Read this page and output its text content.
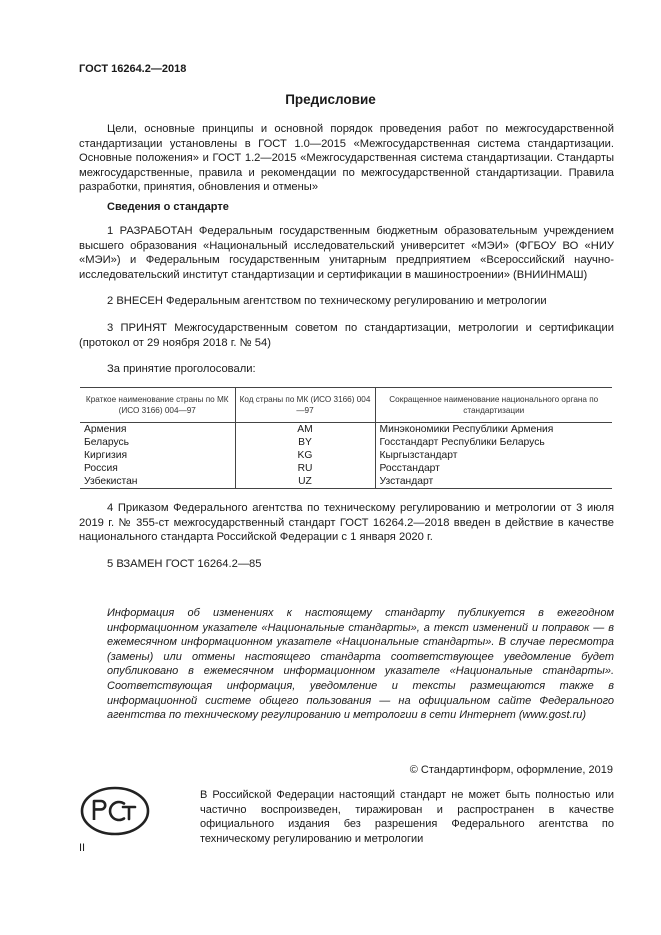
ГОСТ 16264.2—2018
Предисловие
Цели, основные принципы и основной порядок проведения работ по межгосударственной стандартизации установлены в ГОСТ 1.0—2015 «Межгосударственная система стандартизации. Основные положения» и ГОСТ 1.2—2015 «Межгосударственная система стандартизации. Стандарты межгосударственные, правила и рекомендации по межгосударственной стандартизации. Правила разработки, принятия, обновления и отмены»
Сведения о стандарте
1 РАЗРАБОТАН Федеральным государственным бюджетным образовательным учреждением высшего образования «Национальный исследовательский университет «МЭИ» (ФГБОУ ВО «НИУ «МЭИ») и Федеральным государственным унитарным предприятием «Всероссийский научно-исследовательский институт стандартизации и сертификации в машиностроении» (ВНИИНМАШ)
2 ВНЕСЕН Федеральным агентством по техническому регулированию и метрологии
3 ПРИНЯТ Межгосударственным советом по стандартизации, метрологии и сертификации (протокол от 29 ноября 2018 г. № 54)
За принятие проголосовали:
Краткое наименование страны по МК (ИСО 3166) 004—97	Код страны по МК (ИСО 3166) 004—97	Сокращенное наименование национального органа по стандартизации
Армения	AM	Минэкономики Республики Армения
Беларусь	BY	Госстандарт Республики Беларусь
Киргизия	KG	Кыргызстандарт
Россия	RU	Росстандарт
Узбекистан	UZ	Узстандарт
4 Приказом Федерального агентства по техническому регулированию и метрологии от 3 июля 2019 г. № 355-ст межгосударственный стандарт ГОСТ 16264.2—2018 введен в действие в качестве национального стандарта Российской Федерации с 1 января 2020 г.
5 ВЗАМЕН ГОСТ 16264.2—85
Информация об изменениях к настоящему стандарту публикуется в ежегодном информационном указателе «Национальные стандарты», а текст изменений и поправок — в ежемесячном информационном указателе «Национальные стандарты». В случае пересмотра (замены) или отмены настоящего стандарта соответствующее уведомление будет опубликовано в ежемесячном информационном указателе «Национальные стандарты». Соответствующая информация, уведомление и тексты размещаются также в информационной системе общего пользования — на официальном сайте Федерального агентства по техническому регулированию и метрологии в сети Интернет (www.gost.ru)
© Стандартинформ, оформление, 2019
В Российской Федерации настоящий стандарт не может быть полностью или частично воспроизведен, тиражирован и распространен в качестве официального издания без разрешения Федерального агентства по техническому регулированию и метрологии
II
